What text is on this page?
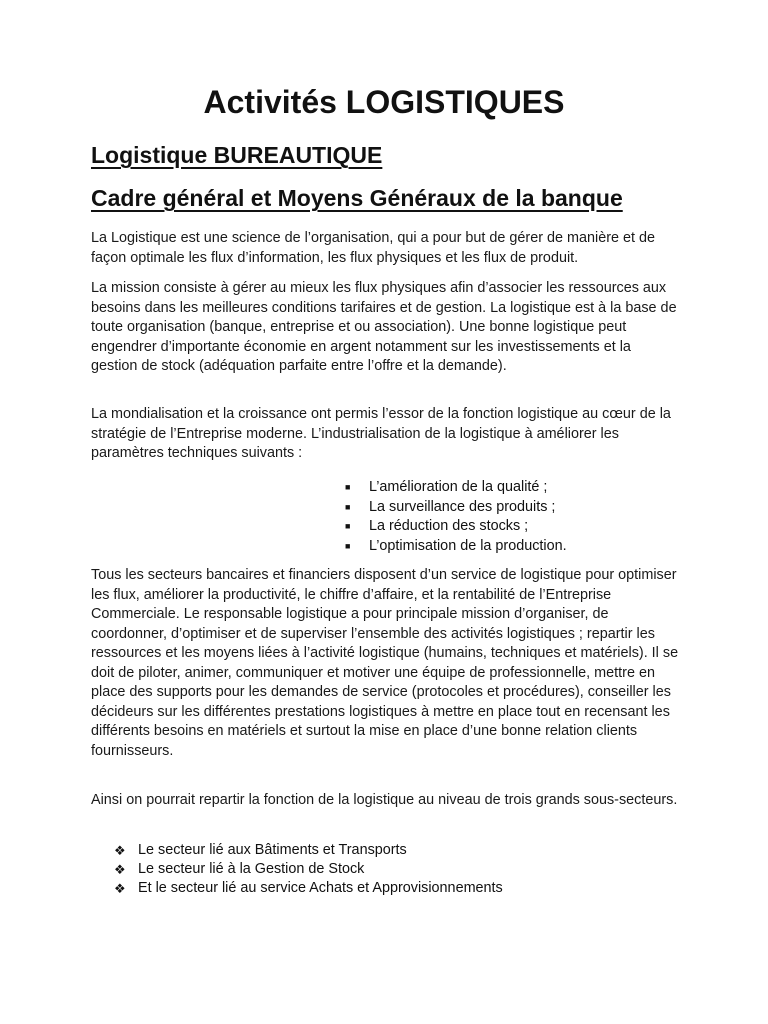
Activités LOGISTIQUES
Logistique BUREAUTIQUE
Cadre général et Moyens Généraux de la banque

La Logistique est une science de l’organisation, qui a pour but de gérer de manière et de façon optimale les flux d’information, les flux physiques et les flux de produit.

La mission consiste à gérer au mieux les flux physiques afin d’associer les ressources aux besoins dans les meilleures conditions tarifaires et de gestion. La logistique est à la base de toute organisation (banque, entreprise et ou association). Une bonne logistique peut engendrer d’importante économie en argent notamment sur les investissements et la gestion de stock (adéquation parfaite entre l’offre et la demande).

La mondialisation et la croissance ont permis l’essor de la fonction logistique au cœur de la stratégie de l’Entreprise moderne. L’industrialisation de la logistique à améliorer les paramètres techniques suivants :

■	L’amélioration de la qualité ;
■	La surveillance des produits ;
■	La réduction des stocks ;
■	L’optimisation de la production.

Tous les secteurs bancaires et financiers disposent d’un service de logistique pour optimiser les flux, améliorer la productivité, le chiffre d’affaire, et la rentabilité de l’Entreprise Commerciale. Le responsable logistique a pour principale mission d’organiser, de coordonner, d’optimiser et de superviser l’ensemble des activités logistiques ; repartir les ressources et les moyens liées à l’activité logistique (humains, techniques et matériels). Il se doit de piloter, animer, communiquer et motiver une équipe de professionnelle, mettre en place des supports pour les demandes de service (protocoles et procédures), conseiller les décideurs sur les différentes prestations logistiques à mettre en place tout en recensant les différents besoins en matériels et surtout la mise en place d’une bonne relation clients fournisseurs.

Ainsi on pourrait repartir la fonction de la logistique au niveau de trois grands sous-secteurs.

❖ Le secteur lié aux Bâtiments et Transports
❖ Le secteur lié à la Gestion de Stock
❖ Et le secteur lié au service Achats et Approvisionnements
